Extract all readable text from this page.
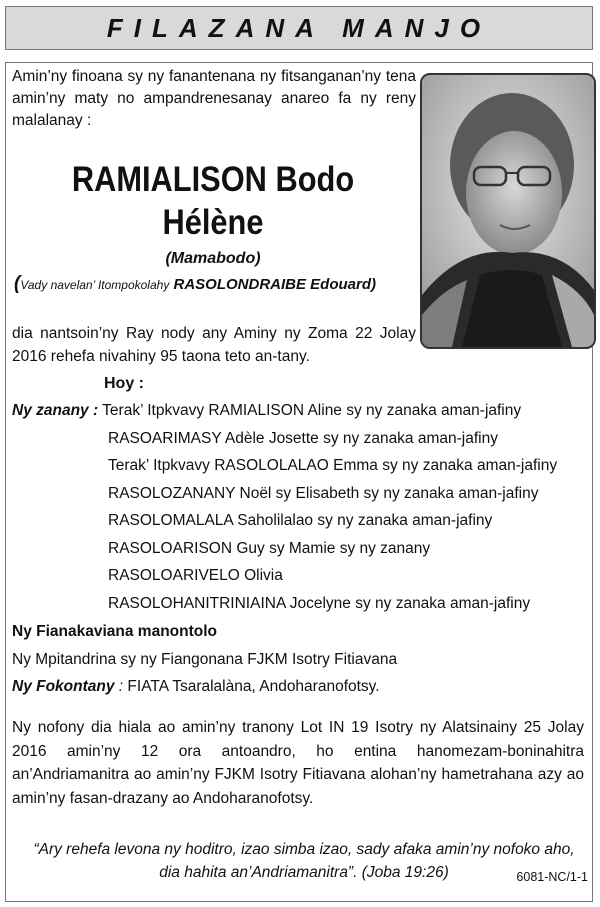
FILAZANA MANJO
Amin’ny finoana sy ny fanantenana ny fitsanganan’ny tena amin’ny maty no ampandrenesanay anareo fa ny reny malalanay :
RAMIALISON Bodo
Hélène
(Mamabodo)
(Vady navelan’ Itompokolahy RASOLONDRAIBE Edouard)
dia nantsoin’ny Ray nody any Aminy ny Zoma 22 Jolay 2016 rehefa nivahiny 95 taona teto an-tany.
Hoy :
Ny zanany : Terak’ Itpkvavy RAMIALISON Aline sy ny zanaka aman-jafiny
RASOARIMASY Adèle Josette sy ny zanaka aman-jafiny
Terak’ Itpkvavy RASOLOLALAO Emma sy ny zanaka aman-jafiny
RASOLOZANANY Noël sy Elisabeth sy ny zanaka aman-jafiny
RASOLOMALALA Saholilalao sy ny zanaka aman-jafiny
RASOLOARISON Guy sy Mamie sy ny zanany
RASOLOARIVELO Olivia
RASOLOHANITRINIAINA Jocelyne sy ny zanaka aman-jafiny
Ny Fianakaviana manontolo
Ny Mpitandrina sy ny Fiangonana FJKM Isotry Fitiavana
Ny Fokontany : FIATA Tsaralalàna, Andoharanofotsy.
Ny nofony dia hiala ao amin’ny tranony Lot IN 19 Isotry ny Alatsinainy 25 Jolay 2016 amin’ny 12 ora antoandro, ho entina hanomezam-boninahitra an’Andriamanitra ao amin’ny FJKM Isotry Fitiavana alohan’ny hametrahana azy ao amin’ny fasan-drazany ao Andoharanofotsy.
“Ary rehefa levona ny hoditro, izao simba izao, sady afaka amin’ny nofoko aho,
dia hahita an’Andriamanitra”. (Joba 19:26)	6081-NC/1-1
